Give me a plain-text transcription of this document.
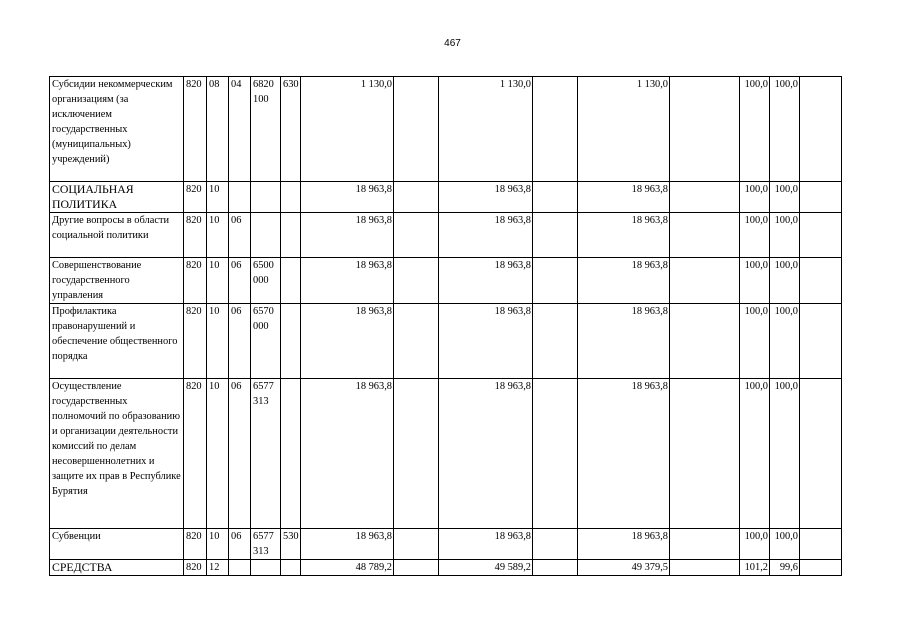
467
Субсидии некоммерческим организациям (за исключением государственных (муниципальных) учреждений)	820	08	04	6820 100	630	1 130,0		1 130,0		1 130,0		100,0	100,0	
СОЦИАЛЬНАЯ ПОЛИТИКА	820	10				18 963,8		18 963,8		18 963,8		100,0	100,0	
Другие вопросы в области социальной политики	820	10	06			18 963,8		18 963,8		18 963,8		100,0	100,0	
Совершенствование государственного управления	820	10	06	6500 000		18 963,8		18 963,8		18 963,8		100,0	100,0	
Профилактика правонарушений и обеспечение общественного порядка	820	10	06	6570 000		18 963,8		18 963,8		18 963,8		100,0	100,0	
Осуществление государственных полномочий по образованию и организации деятельности комиссий по делам несовершеннолетних и защите их прав в Республике Бурятия	820	10	06	6577 313		18 963,8		18 963,8		18 963,8		100,0	100,0	
Субвенции	820	10	06	6577 313	530	18 963,8		18 963,8		18 963,8		100,0	100,0	
СРЕДСТВА	820	12				48 789,2		49 589,2		49 379,5		101,2	99,6	
